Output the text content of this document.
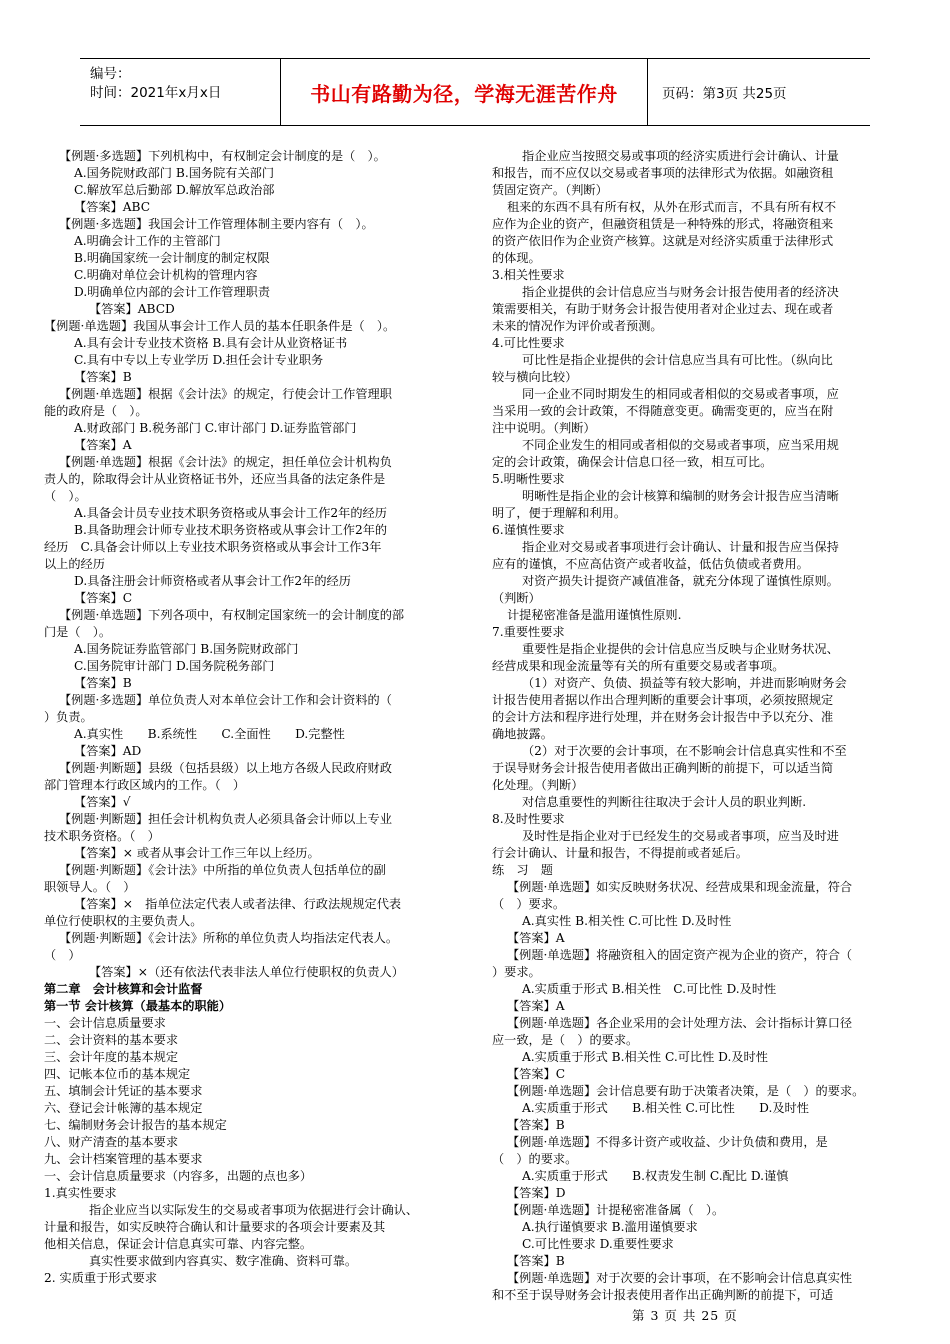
编号：
时间：2021年x月x日	书山有路勤为径，学海无涯苦作舟	页码：第3页 共25页
【例题·多选题】下列机构中，有权制定会计制度的是（　）。
A.国务院财政部门 B.国务院有关部门
C.解放军总后勤部 D.解放军总政治部
【答案】ABC
【例题·多选题】我国会计工作管理体制主要内容有（　）。
A.明确会计工作的主管部门
B.明确国家统一会计制度的制定权限
C.明确对单位会计机构的管理内容
D.明确单位内部的会计工作管理职责
【答案】ABCD
【例题·单选题】我国从事会计工作人员的基本任职条件是（　）。
A.具有会计专业技术资格 B.具有会计从业资格证书
C.具有中专以上专业学历 D.担任会计专业职务
【答案】B
【例题·单选题】根据《会计法》的规定，行使会计工作管理职
能的政府是（　）。
A.财政部门 B.税务部门 C.审计部门 D.证券监管部门
【答案】A
【例题·单选题】根据《会计法》的规定，担任单位会计机构负
责人的，除取得会计从业资格证书外，还应当具备的法定条件是
（　）。
A.具备会计员专业技术职务资格或从事会计工作2年的经历
B.具备助理会计师专业技术职务资格或从事会计工作2年的
经历　C.具备会计师以上专业技术职务资格或从事会计工作3年
以上的经历
D.具备注册会计师资格或者从事会计工作2年的经历
【答案】C
【例题·单选题】下列各项中，有权制定国家统一的会计制度的部
门是（　）。
A.国务院证券监管部门 B.国务院财政部门
C.国务院审计部门 D.国务院税务部门
【答案】B
【例题·多选题】单位负责人对本单位会计工作和会计资料的（
）负责。
A.真实性　　B.系统性　　C.全面性　　D.完整性
【答案】AD
【例题·判断题】县级（包括县级）以上地方各级人民政府财政
部门管理本行政区域内的工作。（　）
【答案】√
【例题·判断题】担任会计机构负责人必须具备会计师以上专业
技术职务资格。（　）
【答案】× 或者从事会计工作三年以上经历。
【例题·判断题】《会计法》中所指的单位负责人包括单位的副
职领导人。（　）
【答案】×　指单位法定代表人或者法律、行政法规规定代表
单位行使职权的主要负责人。
【例题·判断题】《会计法》所称的单位负责人均指法定代表人。
（　）
【答案】×（还有依法代表非法人单位行使职权的负责人）
第二章　会计核算和会计监督
第一节 会计核算（最基本的职能）
一、会计信息质量要求
二、会计资料的基本要求
三、会计年度的基本规定
四、记帐本位币的基本规定
五、填制会计凭证的基本要求
六、登记会计帐簿的基本规定
七、编制财务会计报告的基本规定
八、财产清查的基本要求
九、会计档案管理的基本要求
一、会计信息质量要求（内容多，出题的点也多）
1.真实性要求
指企业应当以实际发生的交易或者事项为依据进行会计确认、
计量和报告，如实反映符合确认和计量要求的各项会计要素及其
他相关信息，保证会计信息真实可靠、内容完整。
真实性要求做到内容真实、数字准确、资料可靠。
2. 实质重于形式要求
指企业应当按照交易或事项的经济实质进行会计确认、计量
和报告，而不应仅以交易或者事项的法律形式为依据。如融资租
赁固定资产。（判断）
租来的东西不具有所有权，从外在形式而言，不具有所有权不
应作为企业的资产，但融资租赁是一种特殊的形式，将融资租来
的资产依旧作为企业资产核算。这就是对经济实质重于法律形式
的体现。
3.相关性要求
指企业提供的会计信息应当与财务会计报告使用者的经济决
策需要相关，有助于财务会计报告使用者对企业过去、现在或者
未来的情况作为评价或者预测。
4.可比性要求
可比性是指企业提供的会计信息应当具有可比性。（纵向比
较与横向比较）
同一企业不同时期发生的相同或者相似的交易或者事项，应
当采用一致的会计政策，不得随意变更。确需变更的，应当在附
注中说明。（判断）
不同企业发生的相同或者相似的交易或者事项，应当采用规
定的会计政策，确保会计信息口径一致，相互可比。
5.明晰性要求
明晰性是指企业的会计核算和编制的财务会计报告应当清晰
明了，便于理解和利用。
6.谨慎性要求
指企业对交易或者事项进行会计确认、计量和报告应当保持
应有的谨慎，不应高估资产或者收益，低估负债或者费用。
对资产损失计提资产减值准备，就充分体现了谨慎性原则。
（判断）
计提秘密准备是滥用谨慎性原则.
7.重要性要求
重要性是指企业提供的会计信息应当反映与企业财务状况、
经营成果和现金流量等有关的所有重要交易或者事项。
（1）对资产、负债、损益等有较大影响，并进而影响财务会
计报告使用者据以作出合理判断的重要会计事项，必须按照规定
的会计方法和程序进行处理，并在财务会计报告中予以充分、准
确地披露。
（2）对于次要的会计事项，在不影响会计信息真实性和不至
于误导财务会计报告使用者做出正确判断的前提下，可以适当简
化处理。（判断）
对信息重要性的判断往往取决于会计人员的职业判断.
8.及时性要求
及时性是指企业对于已经发生的交易或者事项，应当及时进
行会计确认、计量和报告，不得提前或者延后。
练　习　题
【例题·单选题】如实反映财务状况、经营成果和现金流量，符合
（　）要求。
A.真实性 B.相关性 C.可比性 D.及时性
【答案】A
【例题·单选题】将融资租入的固定资产视为企业的资产，符合（
）要求。
A.实质重于形式 B.相关性　C.可比性 D.及时性
【答案】A
【例题·单选题】各企业采用的会计处理方法、会计指标计算口径
应一致，是（　）的要求。
A.实质重于形式 B.相关性 C.可比性 D.及时性
【答案】C
【例题·单选题】会计信息要有助于决策者决策，是（　）的要求。
A.实质重于形式　　B.相关性 C.可比性　　D.及时性
【答案】B
【例题·单选题】不得多计资产或收益、少计负债和费用，是
（　）的要求。
A.实质重于形式　　B.权责发生制 C.配比 D.谨慎
【答案】D
【例题·单选题】计提秘密准备属（　）。
A.执行谨慎要求 B.滥用谨慎要求
C.可比性要求 D.重要性要求
【答案】B
【例题·单选题】对于次要的会计事项，在不影响会计信息真实性
和不至于误导财务会计报表使用者作出正确判断的前提下，可适
第 3 页 共 25 页
